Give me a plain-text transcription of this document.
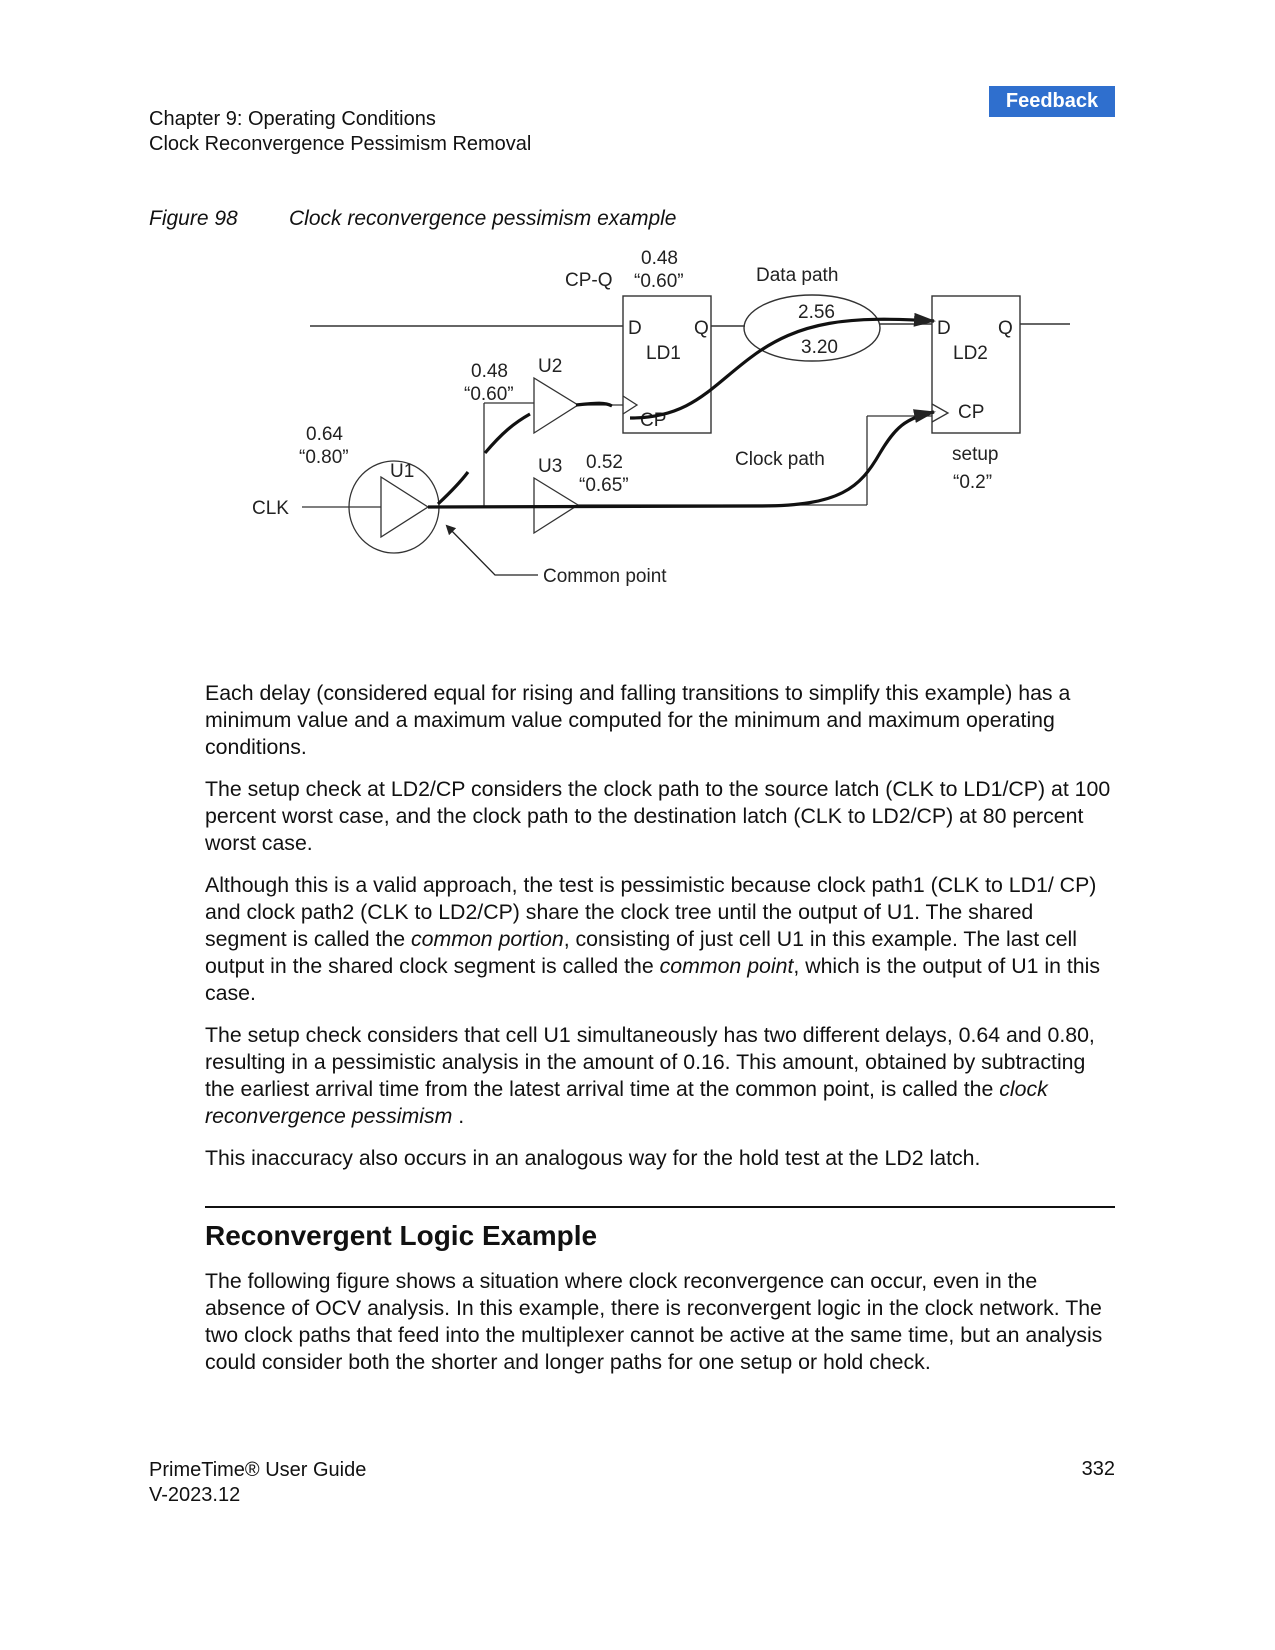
Feedback
Chapter 9: Operating Conditions
Clock Reconvergence Pessimism Removal
Figure 98 Clock reconvergence pessimism example
D	Q
LD1
CP
D Q
LD2
CP
2.56
3.20
0.48
“0.60”
CP-Q	Data path
0.48
“0.60”
U2
0.64
“0.80”
U1
CLK
U3 0.52
“0.65”
Clock path	setup
“0.2”
Common point

Each delay (considered equal for rising and falling transitions to simplify this example) has a minimum value and a maximum value computed for the minimum and maximum operating conditions.

The setup check at LD2/CP considers the clock path to the source latch (CLK to LD1/CP) at 100 percent worst case, and the clock path to the destination latch (CLK to LD2/CP) at 80 percent worst case.

Although this is a valid approach, the test is pessimistic because clock path1 (CLK to LD1/ CP) and clock path2 (CLK to LD2/CP) share the clock tree until the output of U1. The shared segment is called the common portion, consisting of just cell U1 in this example. The last cell output in the shared clock segment is called the common point, which is the output of U1 in this case.

The setup check considers that cell U1 simultaneously has two different delays, 0.64 and 0.80, resulting in a pessimistic analysis in the amount of 0.16. This amount, obtained by subtracting the earliest arrival time from the latest arrival time at the common point, is called the clock reconvergence pessimism .

This inaccuracy also occurs in an analogous way for the hold test at the LD2 latch.

Reconvergent Logic Example
The following figure shows a situation where clock reconvergence can occur, even in the absence of OCV analysis. In this example, there is reconvergent logic in the clock network. The two clock paths that feed into the multiplexer cannot be active at the same time, but an analysis could consider both the shorter and longer paths for one setup or hold check.
PrimeTime® User Guide
V-2023.12
332
